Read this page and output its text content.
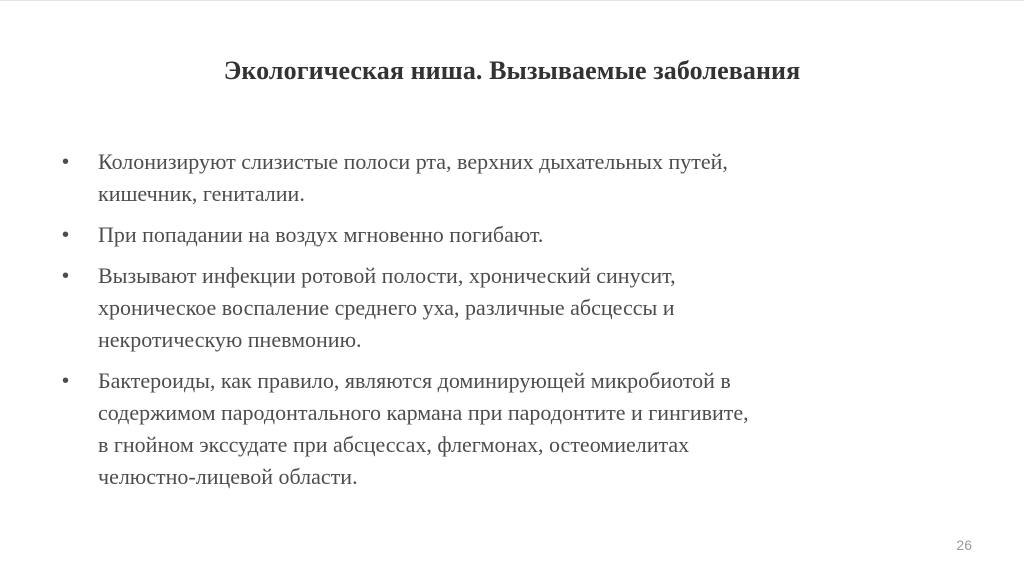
Экологическая ниша. Вызываемые заболевания
•	Колонизируют слизистые полоси рта, верхних дыхательных путей,
кишечник, гениталии.
•	При попадании на воздух мгновенно погибают.
•	Вызывают инфекции ротовой полости, хронический синусит,
хроническое воспаление среднего уха, различные абсцессы и
некротическую пневмонию.
•	Бактероиды, как правило, являются доминирующей микробиотой в
содержимом пародонтального кармана при пародонтите и гингивите,
в гнойном экссудате при абсцессах, флегмонах, остеомиелитах
челюстно-лицевой области.
26
